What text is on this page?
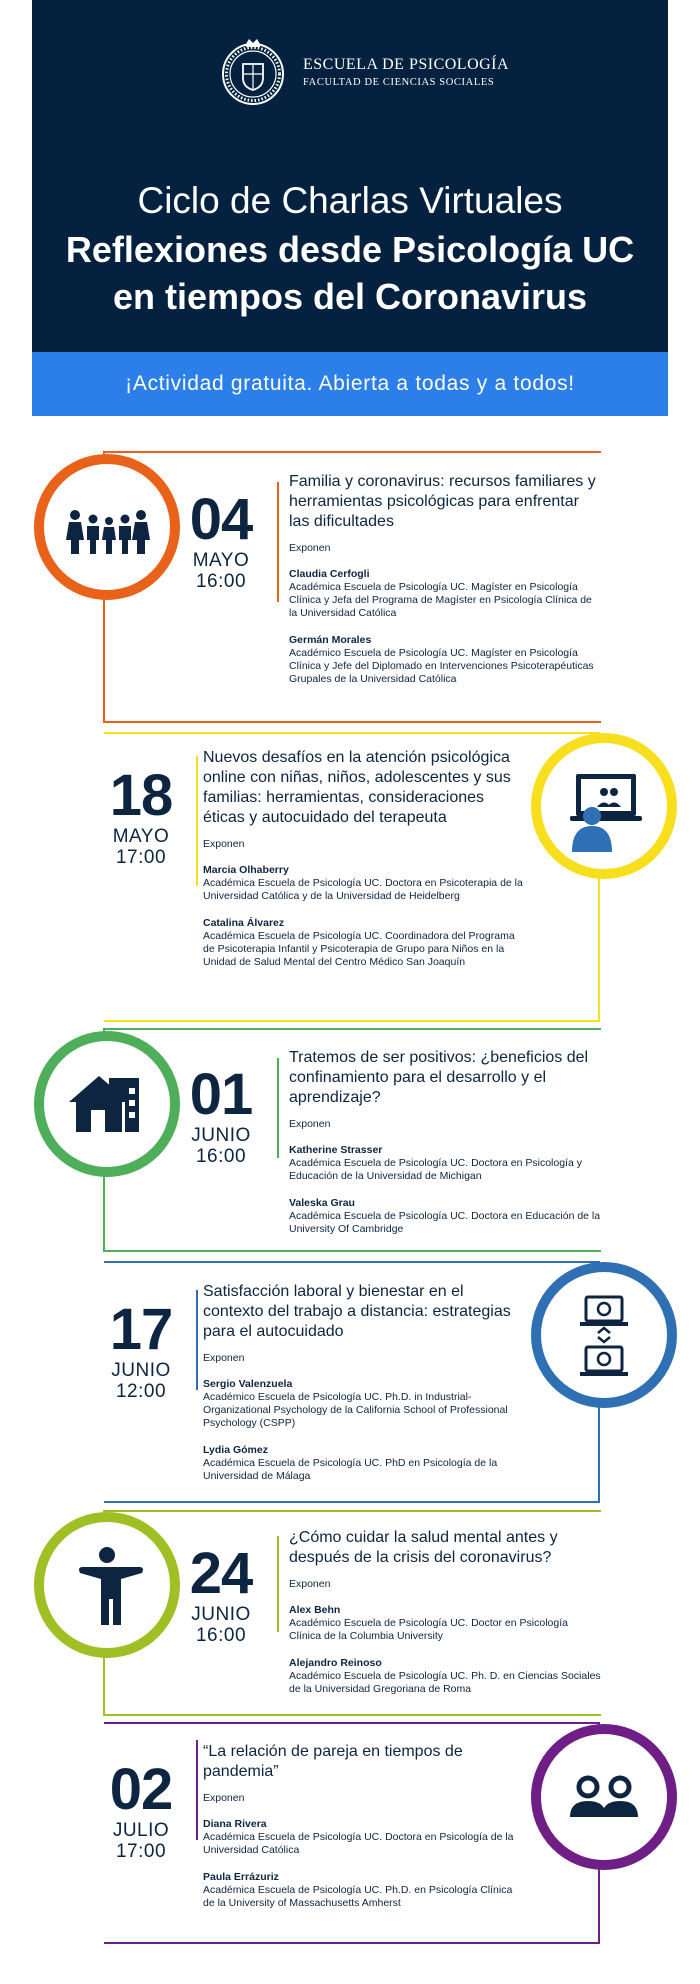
ESCUELA DE PSICOLOGÍA
FACULTAD DE CIENCIAS SOCIALES
Ciclo de Charlas Virtuales
Reflexiones desde Psicología UC
en tiempos del Coronavirus
¡Actividad gratuita. Abierta a todas y a todos!
04
MAYO
16:00
Familia y coronavirus: recursos familiares y herramientas psicológicas para enfrentar las dificultades
Exponen
Claudia Cerfogli
Académica Escuela de Psicología UC. Magíster en Psicología Clínica y Jefa del Programa de Magíster en Psicología Clínica de la Universidad Católica
Germán Morales
Académico Escuela de Psicología UC. Magíster en Psicología Clínica y Jefe del Diplomado en Intervenciones Psicoterapéuticas Grupales de la Universidad Católica
18
MAYO
17:00
Nuevos desafíos en la atención psicológica online con niñas, niños, adolescentes y sus familias: herramientas, consideraciones éticas y autocuidado del terapeuta
Exponen
Marcia Olhaberry
Académica Escuela de Psicología UC. Doctora en Psicoterapia de la Universidad Católica y de la Universidad de Heidelberg
Catalina Álvarez
Académica Escuela de Psicología UC. Coordinadora del Programa de Psicoterapia Infantil y Psicoterapia de Grupo para Niños en la Unidad de Salud Mental del Centro Médico San Joaquín
01
JUNIO
16:00
Tratemos de ser positivos: ¿beneficios del confinamiento para el desarrollo y el aprendizaje?
Exponen
Katherine Strasser
Académica Escuela de Psicología UC. Doctora en Psicología y Educación de la Universidad de Michigan
Valeska Grau
Académica Escuela de Psicología UC. Doctora en Educación de la University Of Cambridge
17
JUNIO
12:00
Satisfacción laboral y bienestar en el contexto del trabajo a distancia: estrategias para el autocuidado
Exponen
Sergio Valenzuela
Académico Escuela de Psicología UC. Ph.D. in Industrial-Organizational Psychology de la California School of Professional Psychology (CSPP)
Lydia Gómez
Académica Escuela de Psicología UC. PhD en Psicología de la Universidad de Málaga
24
JUNIO
16:00
¿Cómo cuidar la salud mental antes y después de la crisis del coronavirus?
Exponen
Alex Behn
Académico Escuela de Psicología UC. Doctor en Psicología Clínica de la Columbia University
Alejandro Reinoso
Académico Escuela de Psicología UC. Ph. D. en Ciencias Sociales de la Universidad Gregoriana de Roma
02
JULIO
17:00
“La relación de pareja en tiempos de pandemia”
Exponen
Diana Rivera
Académica Escuela de Psicología UC. Doctora en Psicología de la Universidad Católica
Paula Errázuriz
Académica Escuela de Psicología UC. Ph.D. en Psicología Clínica de la University of Massachusetts Amherst
